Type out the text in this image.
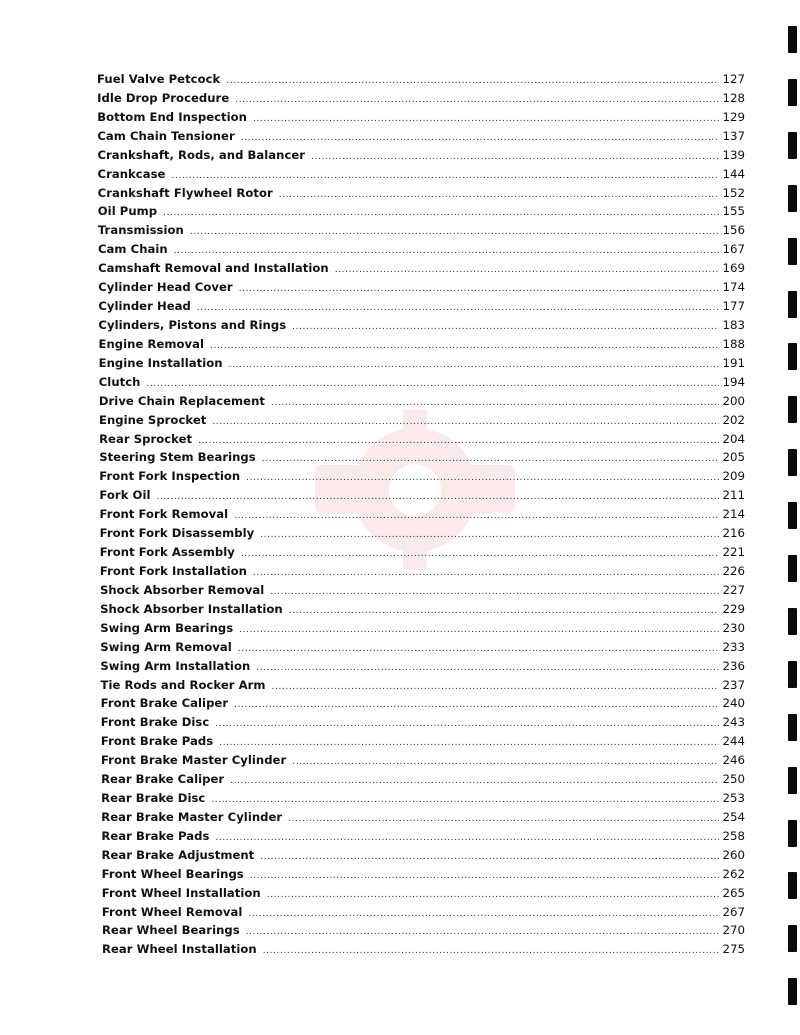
Fuel Valve Petcock .....	127
Idle Drop Procedure .....	128
Bottom End Inspection .....	129
Cam Chain Tensioner .....	137
Crankshaft, Rods, and Balancer .....	139
Crankcase .....	144
Crankshaft Flywheel Rotor .....	152
Oil Pump .....	155
Transmission .....	156
Cam Chain .....	167
Camshaft Removal and Installation .....	169
Cylinder Head Cover .....	174
Cylinder Head .....	177
Cylinders, Pistons and Rings .....	183
Engine Removal .....	188
Engine Installation .....	191
Clutch .....	194
Drive Chain Replacement .....	200
Engine Sprocket .....	202
Rear Sprocket .....	204
Steering Stem Bearings .....	205
Front Fork Inspection .....	209
Fork Oil .....	211
Front Fork Removal .....	214
Front Fork Disassembly .....	216
Front Fork Assembly .....	221
Front Fork Installation .....	226
Shock Absorber Removal .....	227
Shock Absorber Installation .....	229
Swing Arm Bearings .....	230
Swing Arm Removal .....	233
Swing Arm Installation .....	236
Tie Rods and Rocker Arm .....	237
Front Brake Caliper .....	240
Front Brake Disc .....	243
Front Brake Pads .....	244
Front Brake Master Cylinder .....	246
Rear Brake Caliper .....	250
Rear Brake Disc .....	253
Rear Brake Master Cylinder .....	254
Rear Brake Pads .....	258
Rear Brake Adjustment .....	260
Front Wheel Bearings .....	262
Front Wheel Installation .....	265
Front Wheel Removal .....	267
Rear Wheel Bearings .....	270
Rear Wheel Installation .....	275
